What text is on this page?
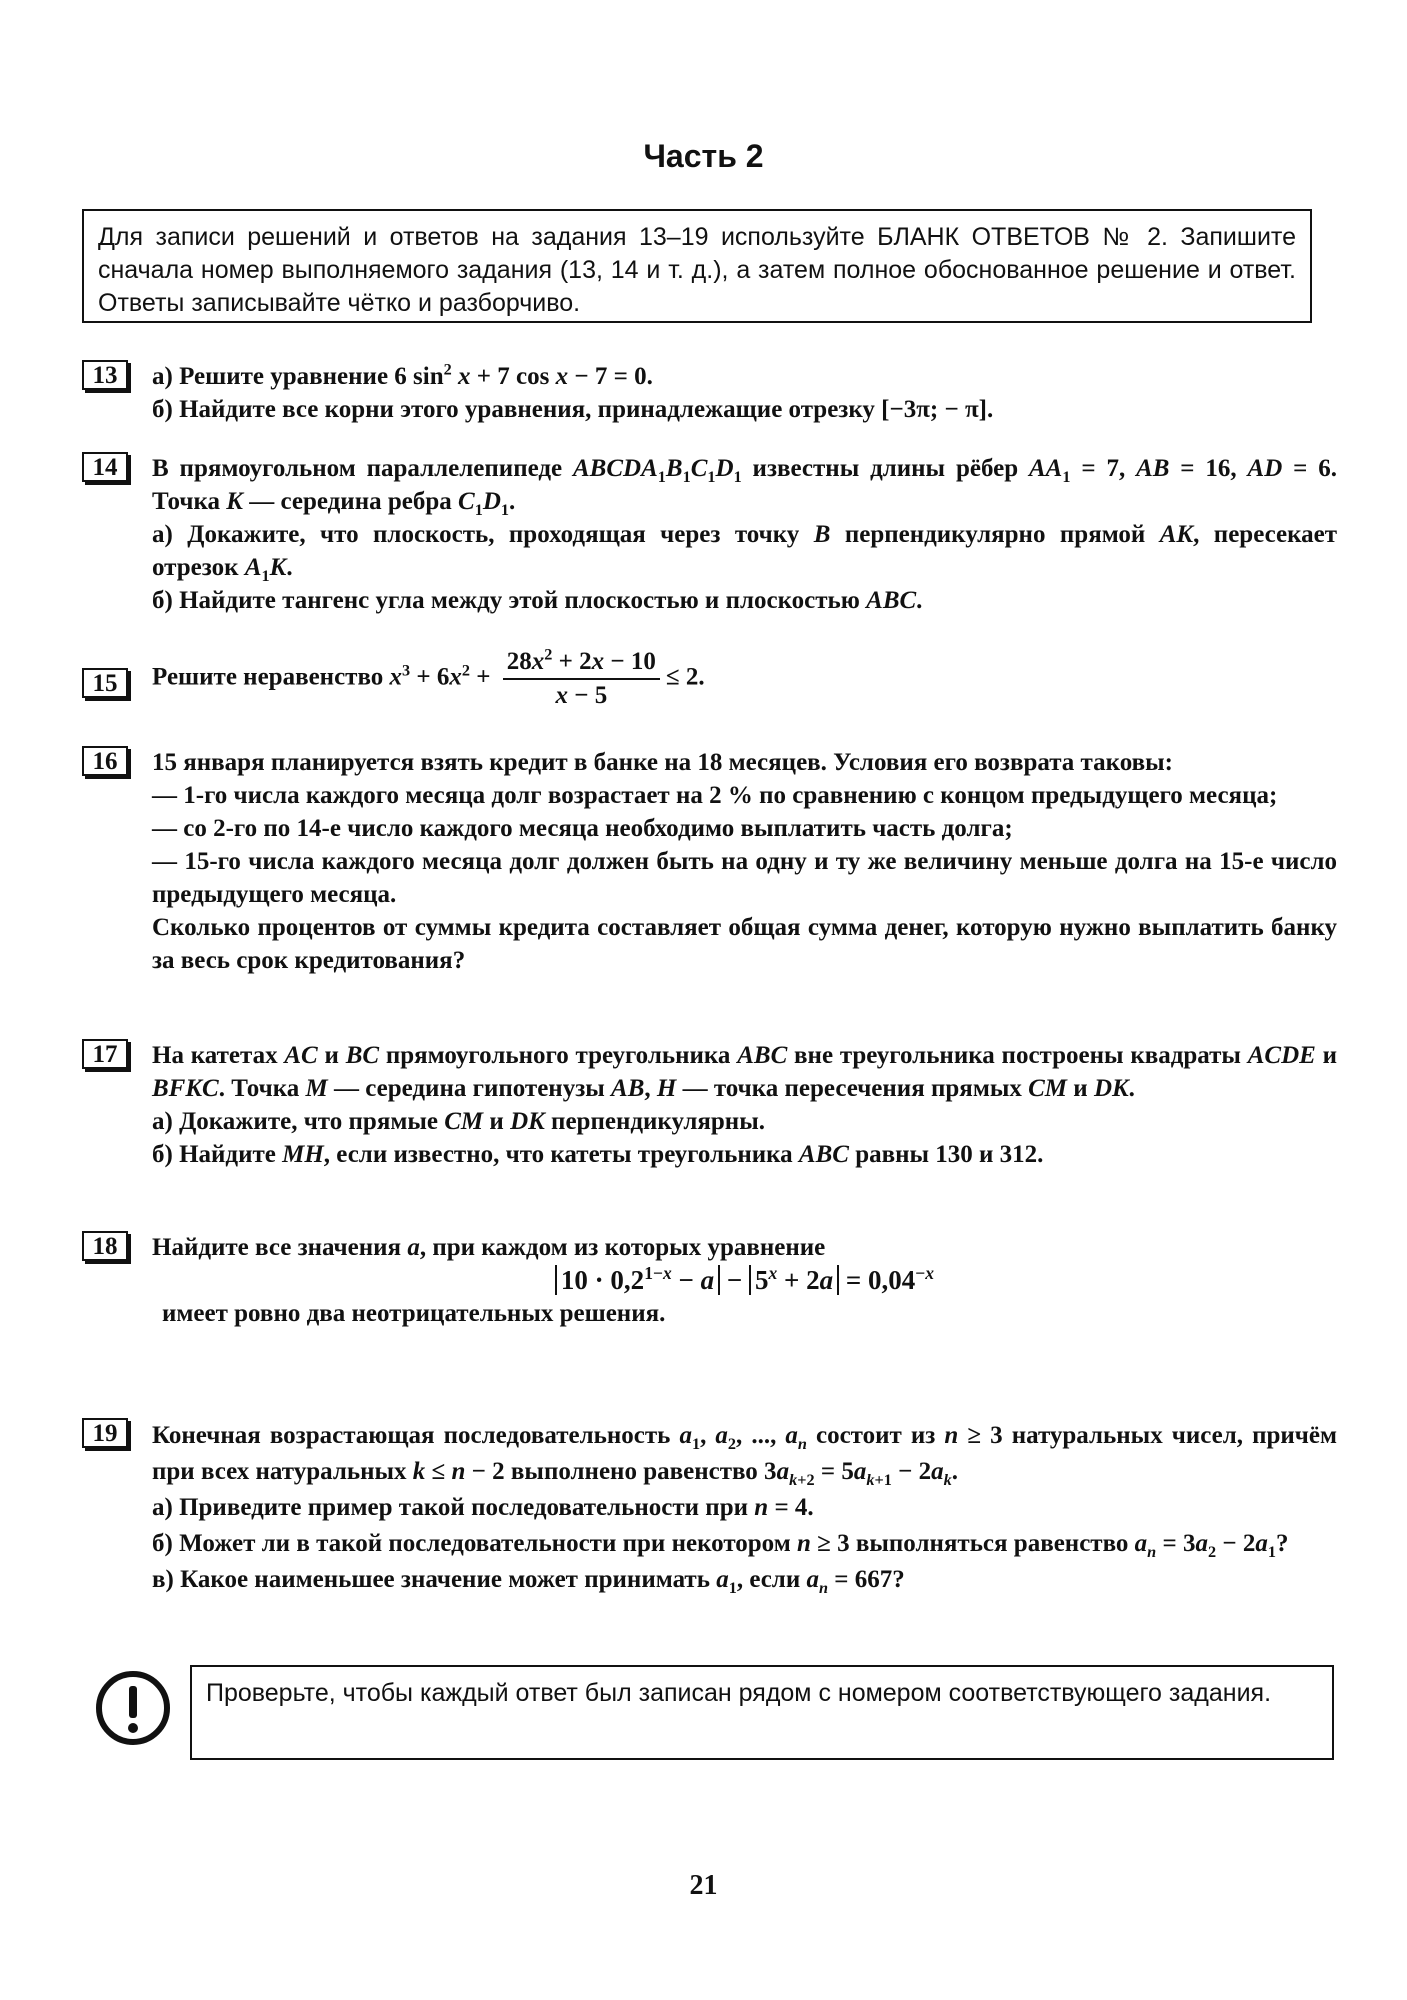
Часть 2
Для записи решений и ответов на задания 13–19 используйте БЛАНК ОТВЕТОВ № 2. Запишите сначала номер выполняемого задания (13, 14 и т. д.), а затем полное обоснованное решение и ответ. Ответы записывайте чётко и разборчиво.
13	а) Решите уравнение 6 $\sin^2 x + 7$ cos x − 7 = 0.

б) Найдите все корни этого уравнения, принадлежащие отрезку [−3π; − π].

14	В прямоугольном параллелепипеде $ABCDA_1B_1C_1D_1$ известны длины рёбер $AA_1 = 7$, AB = 16, AD = 6. Точка K — середина ребра $C_1D_1$.

а) Докажите, что плоскость, проходящая через точку B перпендикулярно прямой AK, пересекает отрезок $A_1K$.

б) Найдите тангенс угла между этой плоскостью и плоскостью ABC.

15	Решите неравенство $x^3 + 6x^2 + \frac{28x^2 + 2x - 10}{x - 5} \le 2$.

16	15 января планируется взять кредит в банке на 18 месяцев. Условия его возврата таковы:

— 1-го числа каждого месяца долг возрастает на 2 % по сравнению с концом предыдущего месяца;

— со 2-го по 14-е число каждого месяца необходимо выплатить часть долга;

— 15-го числа каждого месяца долг должен быть на одну и ту же величину меньше долга на 15-е число предыдущего месяца.

Сколько процентов от суммы кредита составляет общая сумма денег, которую нужно выплатить банку за весь срок кредитования?

17	На катетах AC и BC прямоугольного треугольника ABC вне треугольника построены квадраты ACDE и BFKC. Точка M — середина гипотенузы AB, H — точка пересечения прямых CM и DK.

а) Докажите, что прямые CM и DK перпендикулярны.

б) Найдите MH, если известно, что катеты треугольника ABC равны 130 и 312.

18	Найдите все значения a, при каждом из которых уравнение

$10 \cdot 0,2^{1-x} - a - 5^x + 2a = 0,04^{-x}$

имеет ровно два неотрицательных решения.

19	Конечная возрастающая последовательность $a_1$, $a_2$, ..., $a_n$ состоит из n ≥ 3 натуральных чисел, причём при всех натуральных k ≤ n − 2 выполнено равенство $3a_{k+2} = 5a_{k+1} - 2a_k$.

а) Приведите пример такой последовательности при n = 4.

б) Может ли в такой последовательности при некотором n ≥ 3 выполняться равенство $a_n = 3a_2 - 2a_1$?

в) Какое наименьшее значение может принимать $a_1$, если $a_n = 667$?

Проверьте, чтобы каждый ответ был записан рядом с номером соответствующего задания.
21
